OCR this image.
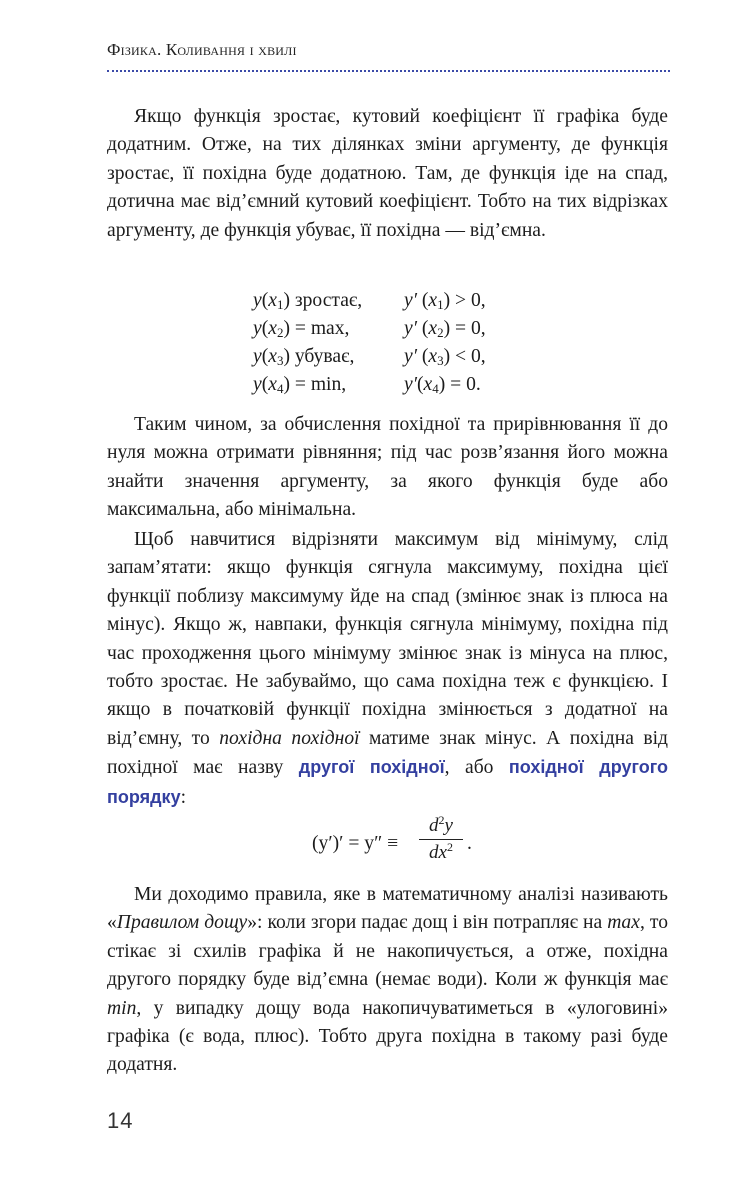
Фізика. Коливання і хвилі
Якщо функція зростає, кутовий коефіцієнт її графіка буде додатним. Отже, на тих ділянках зміни аргументу, де функція зростає, її похідна буде додатною. Там, де функція іде на спад, дотична має від’ємний кутовий коефіцієнт. Тобто на тих відрізках аргументу, де функція убуває, її похідна — від’ємна.
$y(x_1)$ зростає, y′ $(x_1) > 0$,
$y(x_2) = \max$,	y′ $(x_2) = 0$,
$y(x_3)$ убуває,	y′ $(x_3) < 0$,
$y(x_4) = \min$,	$y'(x_4) = 0$.
Таким чином, за обчислення похідної та прирівнювання її до нуля можна отримати рівняння; під час розв’язання його можна знайти значення аргументу, за якого функція буде або максимальна, або мінімальна.
Щоб навчитися відрізняти максимум від мінімуму, слід запам’ятати: якщо функція сягнула максимуму, похідна цієї функції поблизу максимуму йде на спад (змінює знак із плюса на мінус). Якщо ж, навпаки, функція сягнула мінімуму, похідна під час проходження цього мінімуму змінює знак із мінуса на плюс, тобто зростає. Не забуваймо, що сама похідна теж є функцією. І якщо в початковій функції похідна змінюється з додатної на від’ємну, то похідна похідної матиме знак мінус. А похідна від похідної має назву другої похідної, або похідної другого порядку:
(y′)′ = y″ ≡
$d^2y$
$dx^2$ .
Ми доходимо правила, яке в математичному аналізі називають «Правилом дощу»: коли згори падає дощ і він потрапляє на max, то стікає зі схилів графіка й не накопичується, а отже, похідна другого порядку буде від’ємна (немає води). Коли ж функція має min, у випадку дощу вода накопичуватиметься в «улоговині» графіка (є вода, плюс). Тобто друга похідна в такому разі буде додатня.
14
